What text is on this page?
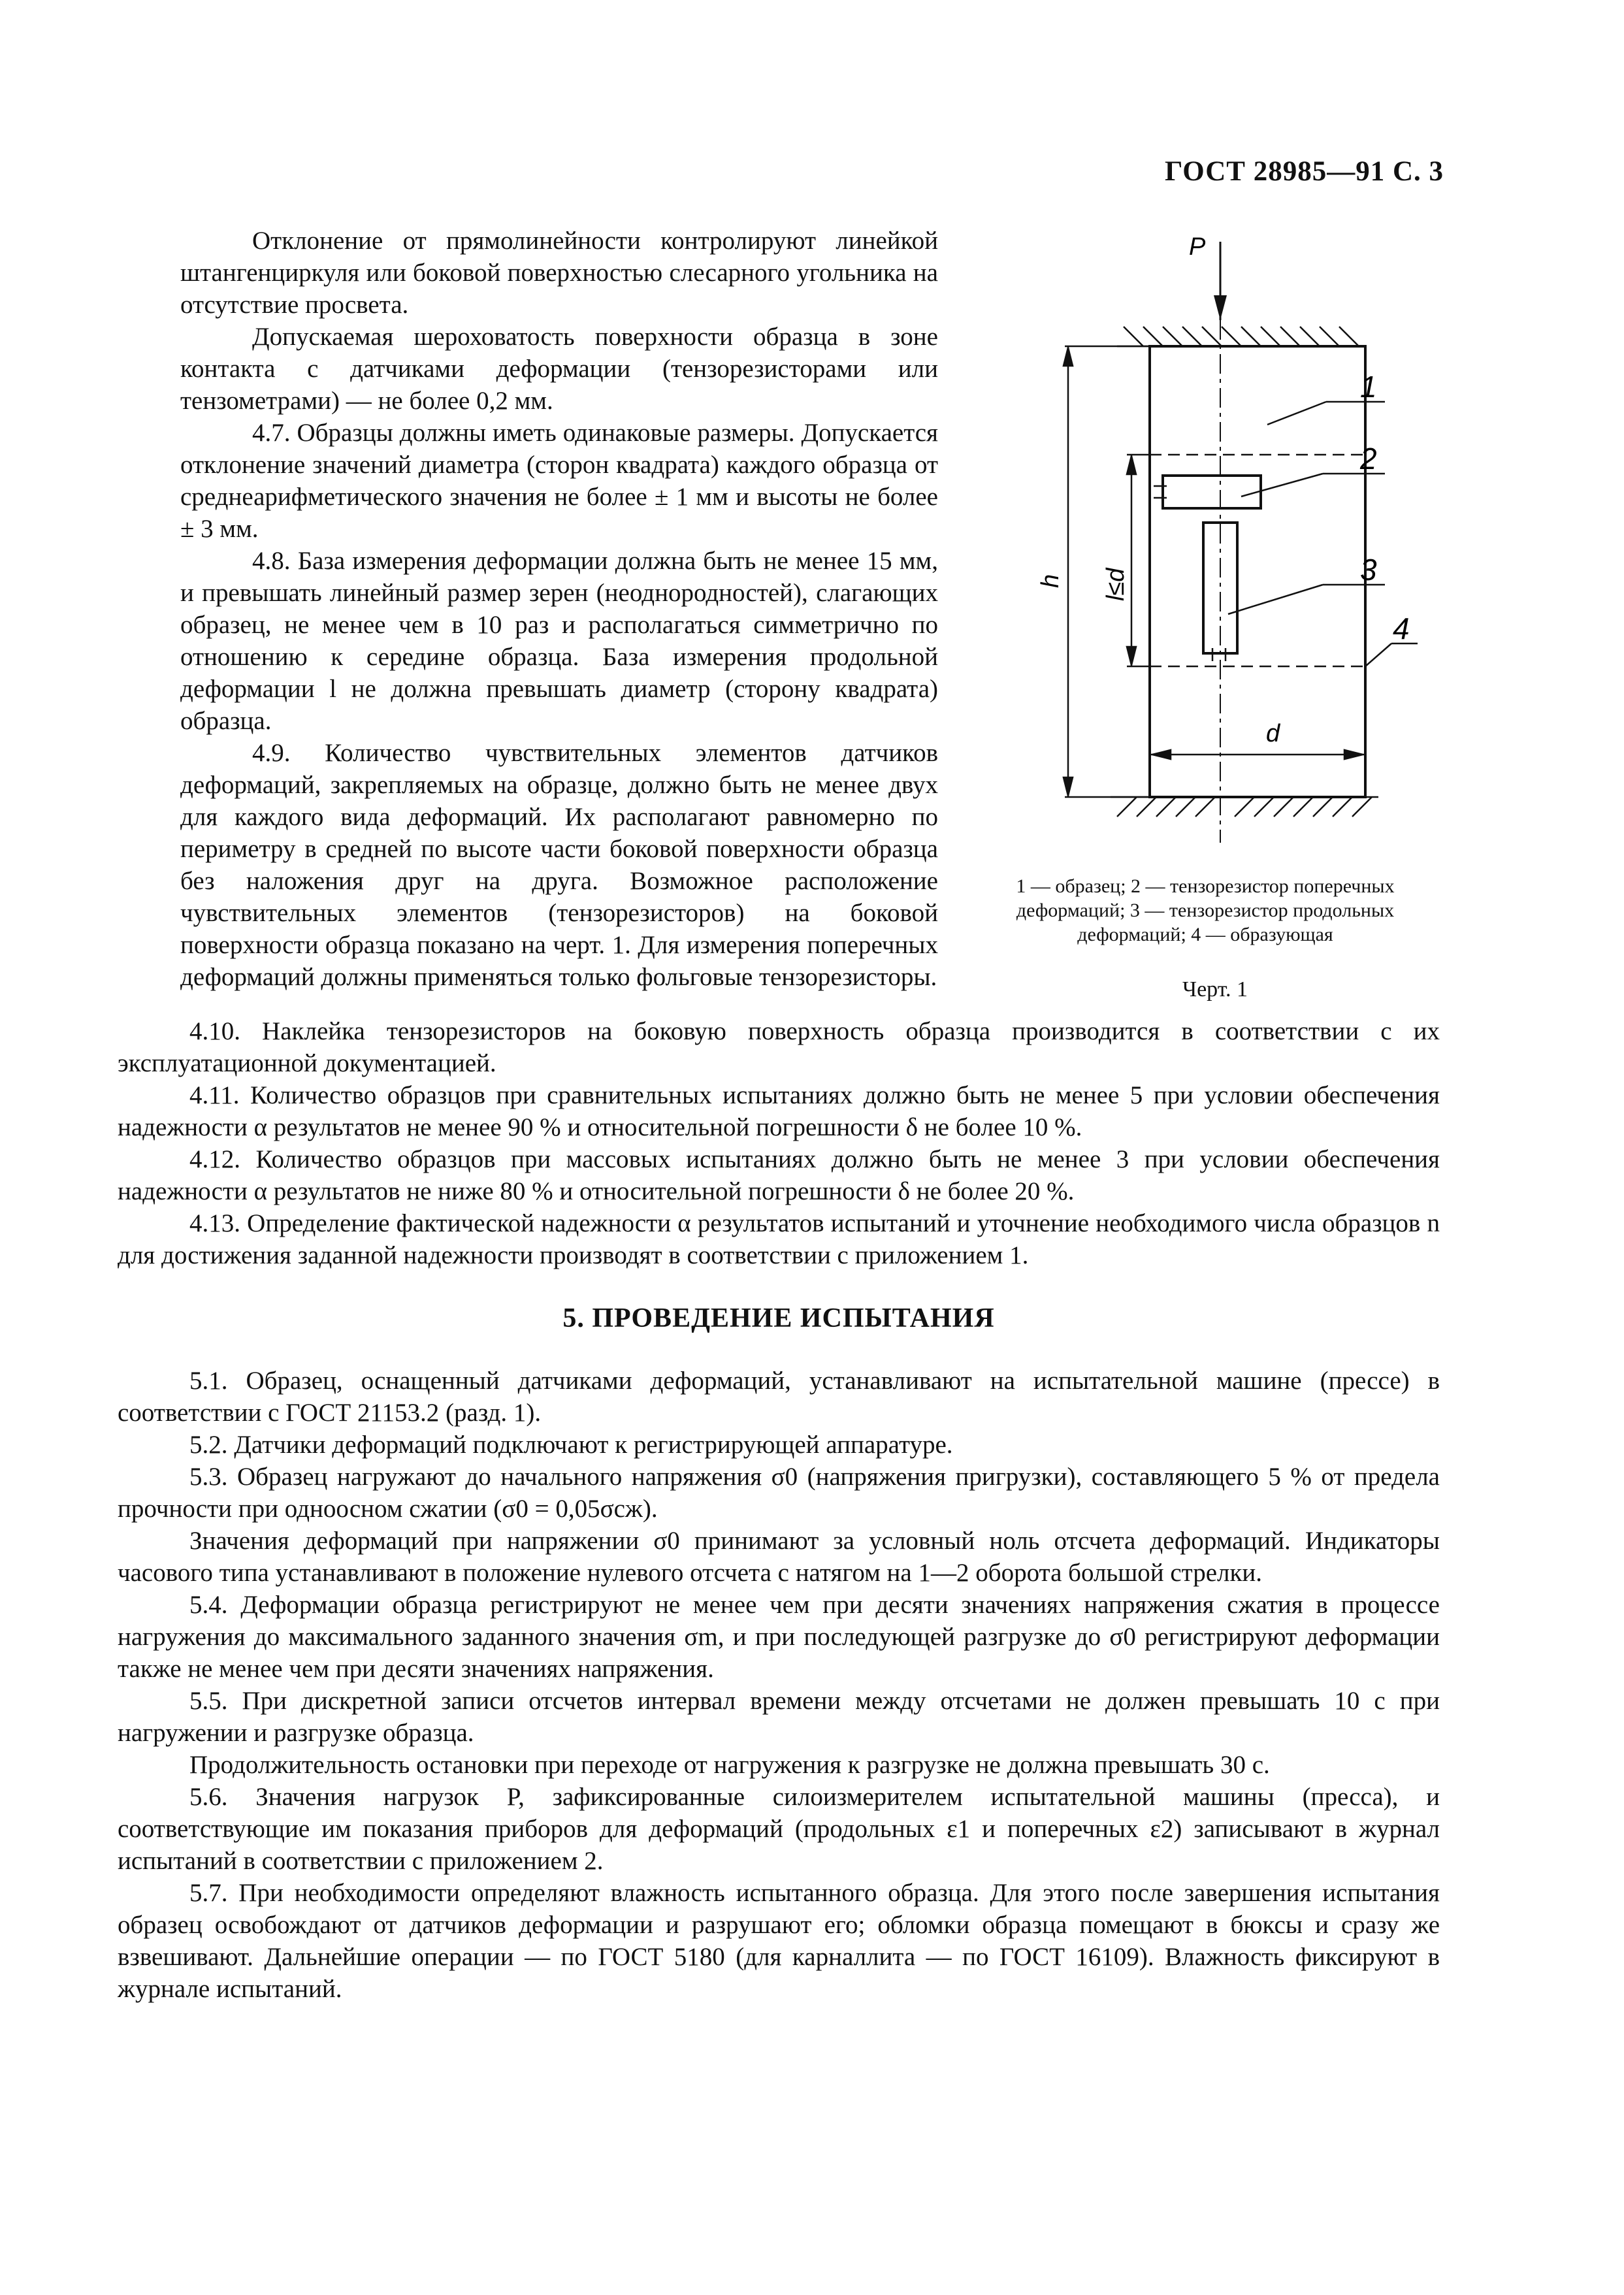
ГОСТ 28985—91 С. 3

Отклонение от прямолинейности контролируют линейкой штангенциркуля или боковой поверхностью слесарного угольника на отсутствие просвета.

Допускаемая шероховатость поверхности образца в зоне контакта с датчиками деформации (тензорезисторами или тензометрами) — не более 0,2 мм.

4.7. Образцы должны иметь одинаковые размеры. Допускается отклонение значений диаметра (сторон квадрата) каждого образца от среднеарифметического значения не более ± 1 мм и высоты не более ± 3 мм.

4.8. База измерения деформации должна быть не менее 15 мм, и превышать линейный размер зерен (неоднородностей), слагающих образец, не менее чем в 10 раз и располагаться симметрично по отношению к середине образца. База измерения продольной деформации l не должна превышать диаметр (сторону квадрата) образца.

4.9. Количество чувствительных элементов датчиков деформаций, закрепляемых на образце, должно быть не менее двух для каждого вида деформаций. Их располагают равномерно по периметру в средней по высоте части боковой поверхности образца без наложения друг на друга. Возможное расположение чувствительных элементов (тензорезисторов) на боковой поверхности образца показано на черт. 1. Для измерения поперечных деформаций должны применяться только фольговые тензорезисторы.

P
h l≤d
d
1
2
3
4
1 — образец; 2 — тензорезистор поперечных деформаций; 3 — тензорезистор продольных деформаций; 4 — образующая
Черт. 1

4.10. Наклейка тензорезисторов на боковую поверхность образца производится в соответствии с их эксплуатационной документацией.

4.11. Количество образцов при сравнительных испытаниях должно быть не менее 5 при условии обеспечения надежности α результатов не менее 90 % и относительной погрешности δ не более 10 %.

4.12. Количество образцов при массовых испытаниях должно быть не менее 3 при условии обеспечения надежности α результатов не ниже 80 % и относительной погрешности δ не более 20 %.

4.13. Определение фактической надежности α результатов испытаний и уточнение необходимого числа образцов n для достижения заданной надежности производят в соответствии с приложением 1.

5. ПРОВЕДЕНИЕ ИСПЫТАНИЯ

5.1. Образец, оснащенный датчиками деформаций, устанавливают на испытательной машине (прессе) в соответствии с ГОСТ 21153.2 (разд. 1).

5.2. Датчики деформаций подключают к регистрирующей аппаратуре.

5.3. Образец нагружают до начального напряжения σ0 (напряжения пригрузки), составляющего 5 % от предела прочности при одноосном сжатии (σ0 = 0,05σсж).

Значения деформаций при напряжении σ0 принимают за условный ноль отсчета деформаций. Индикаторы часового типа устанавливают в положение нулевого отсчета с натягом на 1—2 оборота большой стрелки.

5.4. Деформации образца регистрируют не менее чем при десяти значениях напряжения сжатия в процессе нагружения до максимального заданного значения σm, и при последующей разгрузке до σ0 регистрируют деформации также не менее чем при десяти значениях напряжения.

5.5. При дискретной записи отсчетов интервал времени между отсчетами не должен превышать 10 с при нагружении и разгрузке образца.

Продолжительность остановки при переходе от нагружения к разгрузке не должна превышать 30 с.

5.6. Значения нагрузок P, зафиксированные силоизмерителем испытательной машины (пресса), и соответствующие им показания приборов для деформаций (продольных ε1 и поперечных ε2) записывают в журнал испытаний в соответствии с приложением 2.

5.7. При необходимости определяют влажность испытанного образца. Для этого после завершения испытания образец освобождают от датчиков деформации и разрушают его; обломки образца помещают в бюксы и сразу же взвешивают. Дальнейшие операции — по ГОСТ 5180 (для карналлита — по ГОСТ 16109). Влажность фиксируют в журнале испытаний.
